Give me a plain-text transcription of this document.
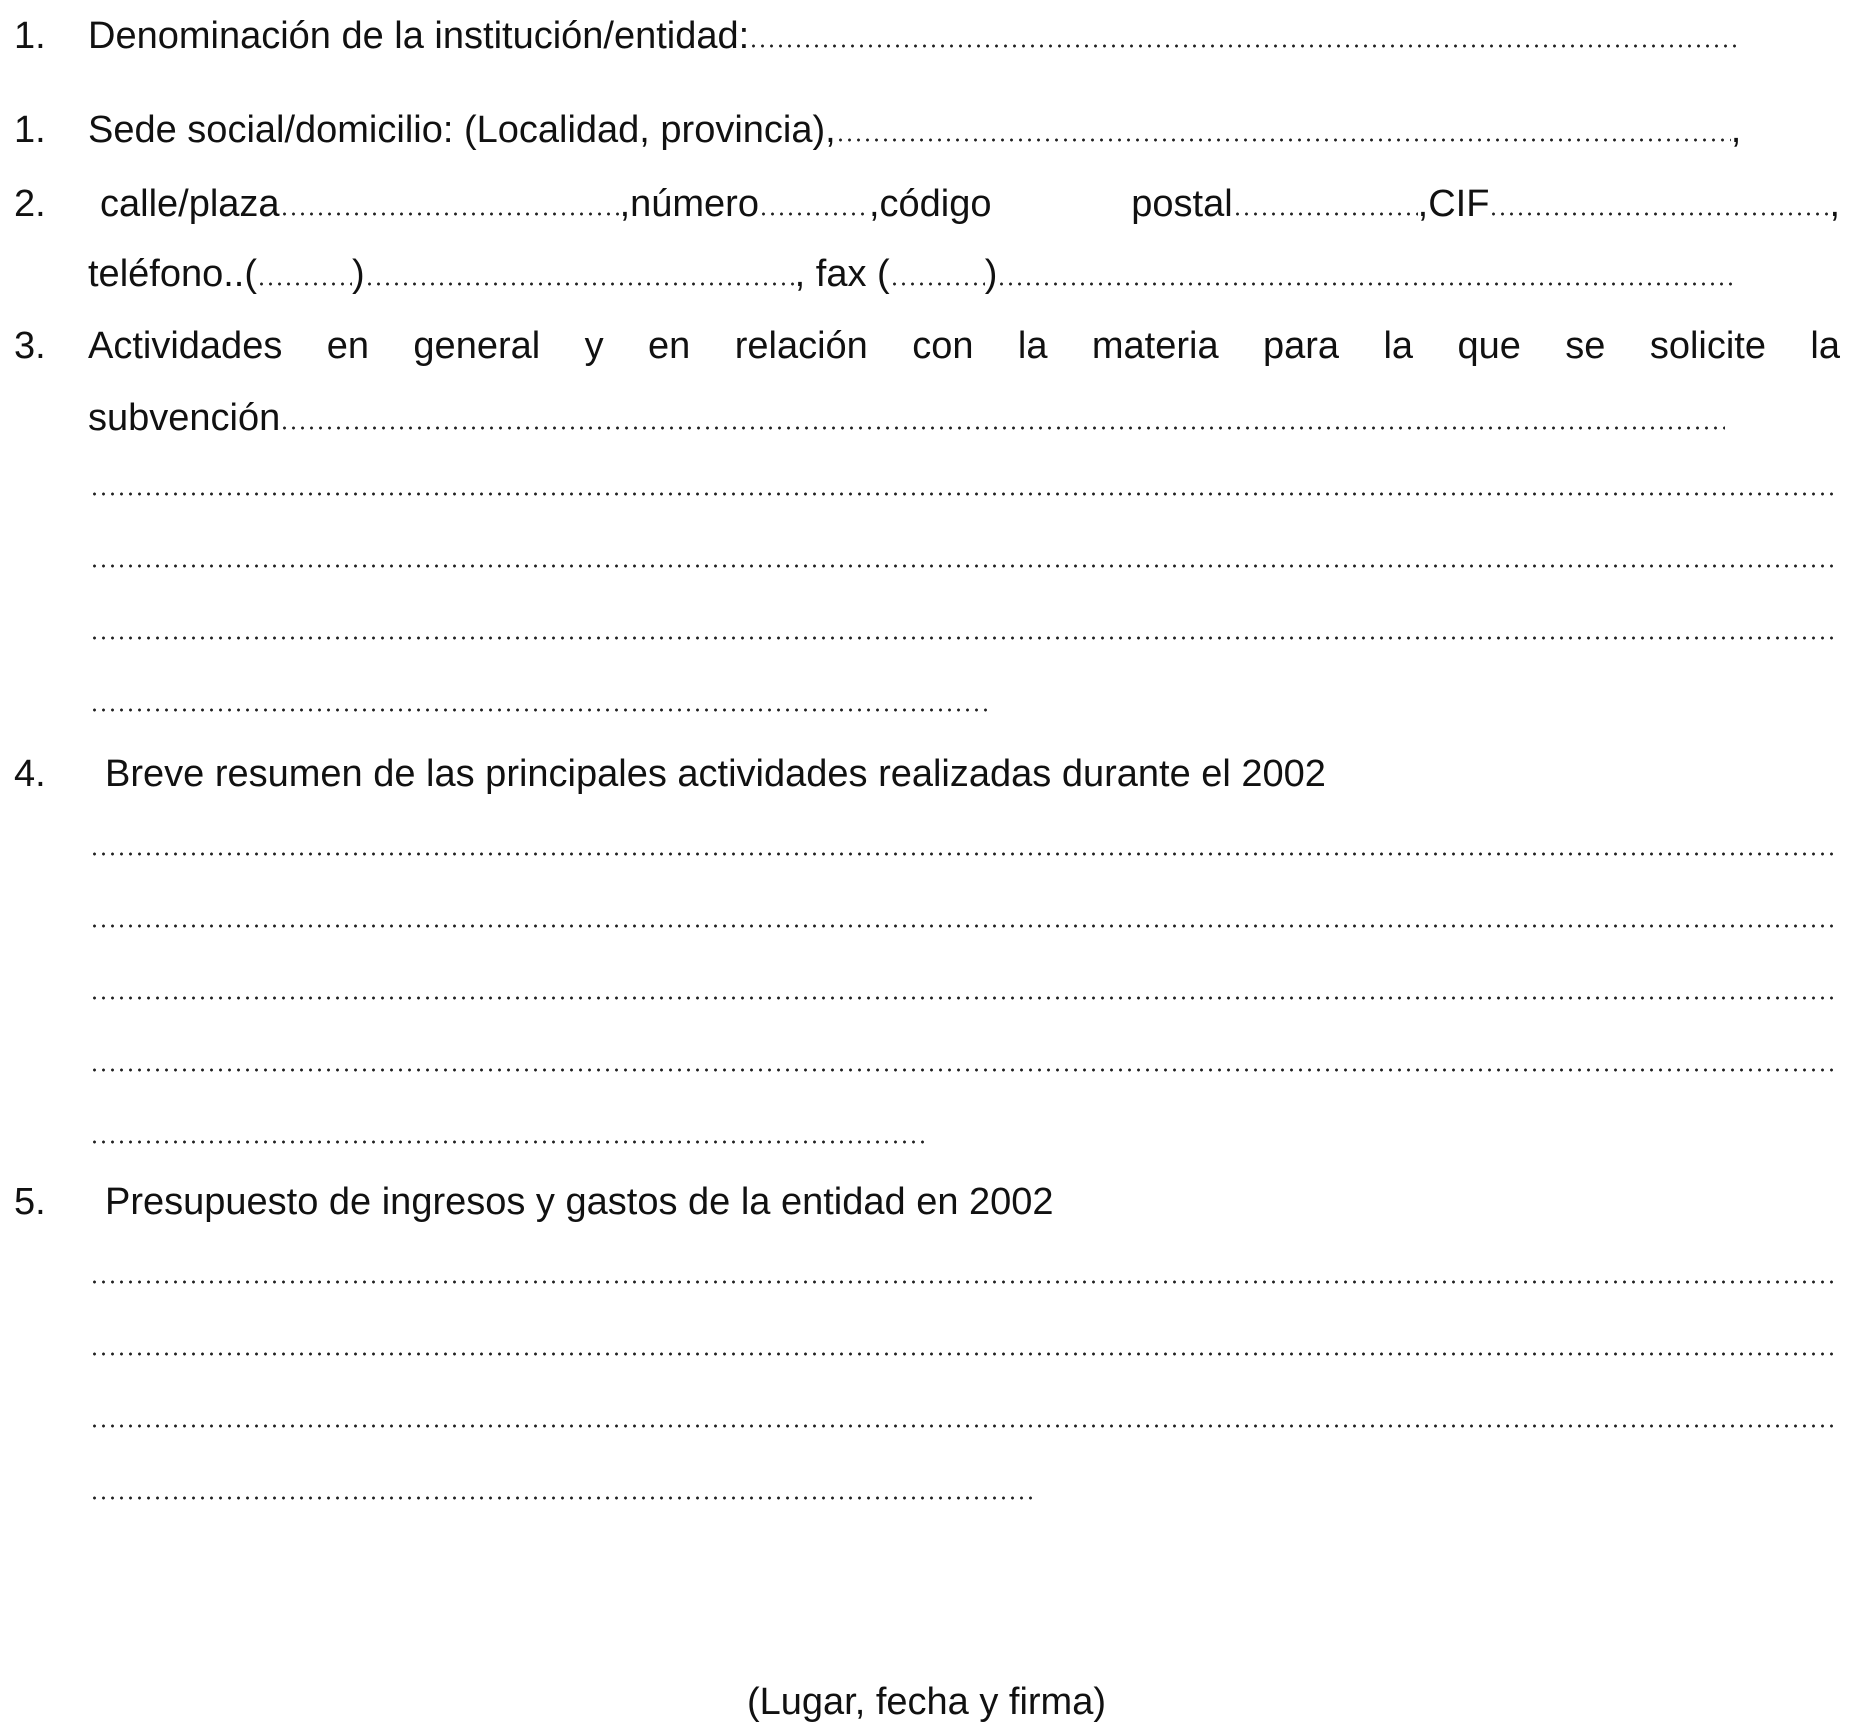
1. Denominación de la institución/entidad:
1. Sede social/domicilio: (Localidad, provincia),	,
2. calle/plaza	,número	,código postal	,CIF	,
teléfono..(	)	, fax (	)
3. Actividades en general y en relación con la materia para la que se solicite la
subvención
4. Breve resumen de las principales actividades realizadas durante el 2002
5. Presupuesto de ingresos y gastos de la entidad en 2002
(Lugar, fecha y firma)
